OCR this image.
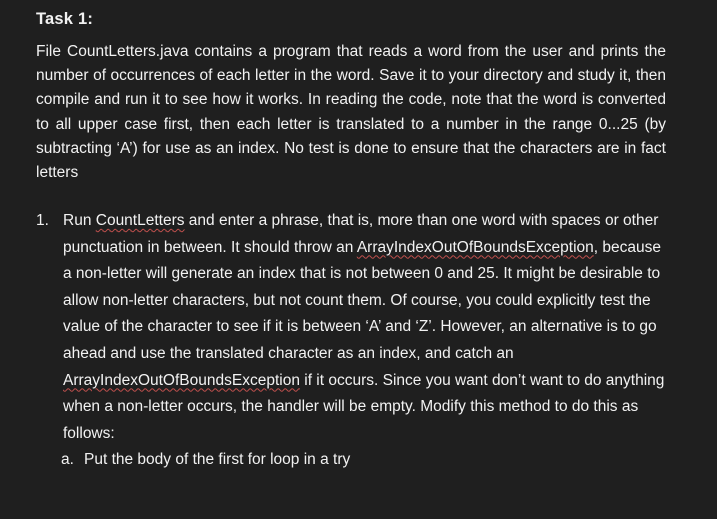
Task 1:
File CountLetters.java contains a program that reads a word from the user and prints the number of occurrences of each letter in the word. Save it to your directory and study it, then compile and run it to see how it works. In reading the code, note that the word is converted to all upper case first, then each letter is translated to a number in the range 0...25 (by subtracting ‘A’) for use as an index. No test is done to ensure that the characters are in fact letters
1. Run CountLetters and enter a phrase, that is, more than one word with spaces or other punctuation in between. It should throw an ArrayIndexOutOfBoundsException, because a non-letter will generate an index that is not between 0 and 25. It might be desirable to allow non-letter characters, but not count them. Of course, you could explicitly test the value of the character to see if it is between ‘A’ and ‘Z’. However, an alternative is to go ahead and use the translated character as an index, and catch an ArrayIndexOutOfBoundsException if it occurs. Since you want don’t want to do anything when a non-letter occurs, the handler will be empty. Modify this method to do this as follows:
a. Put the body of the first for loop in a try
